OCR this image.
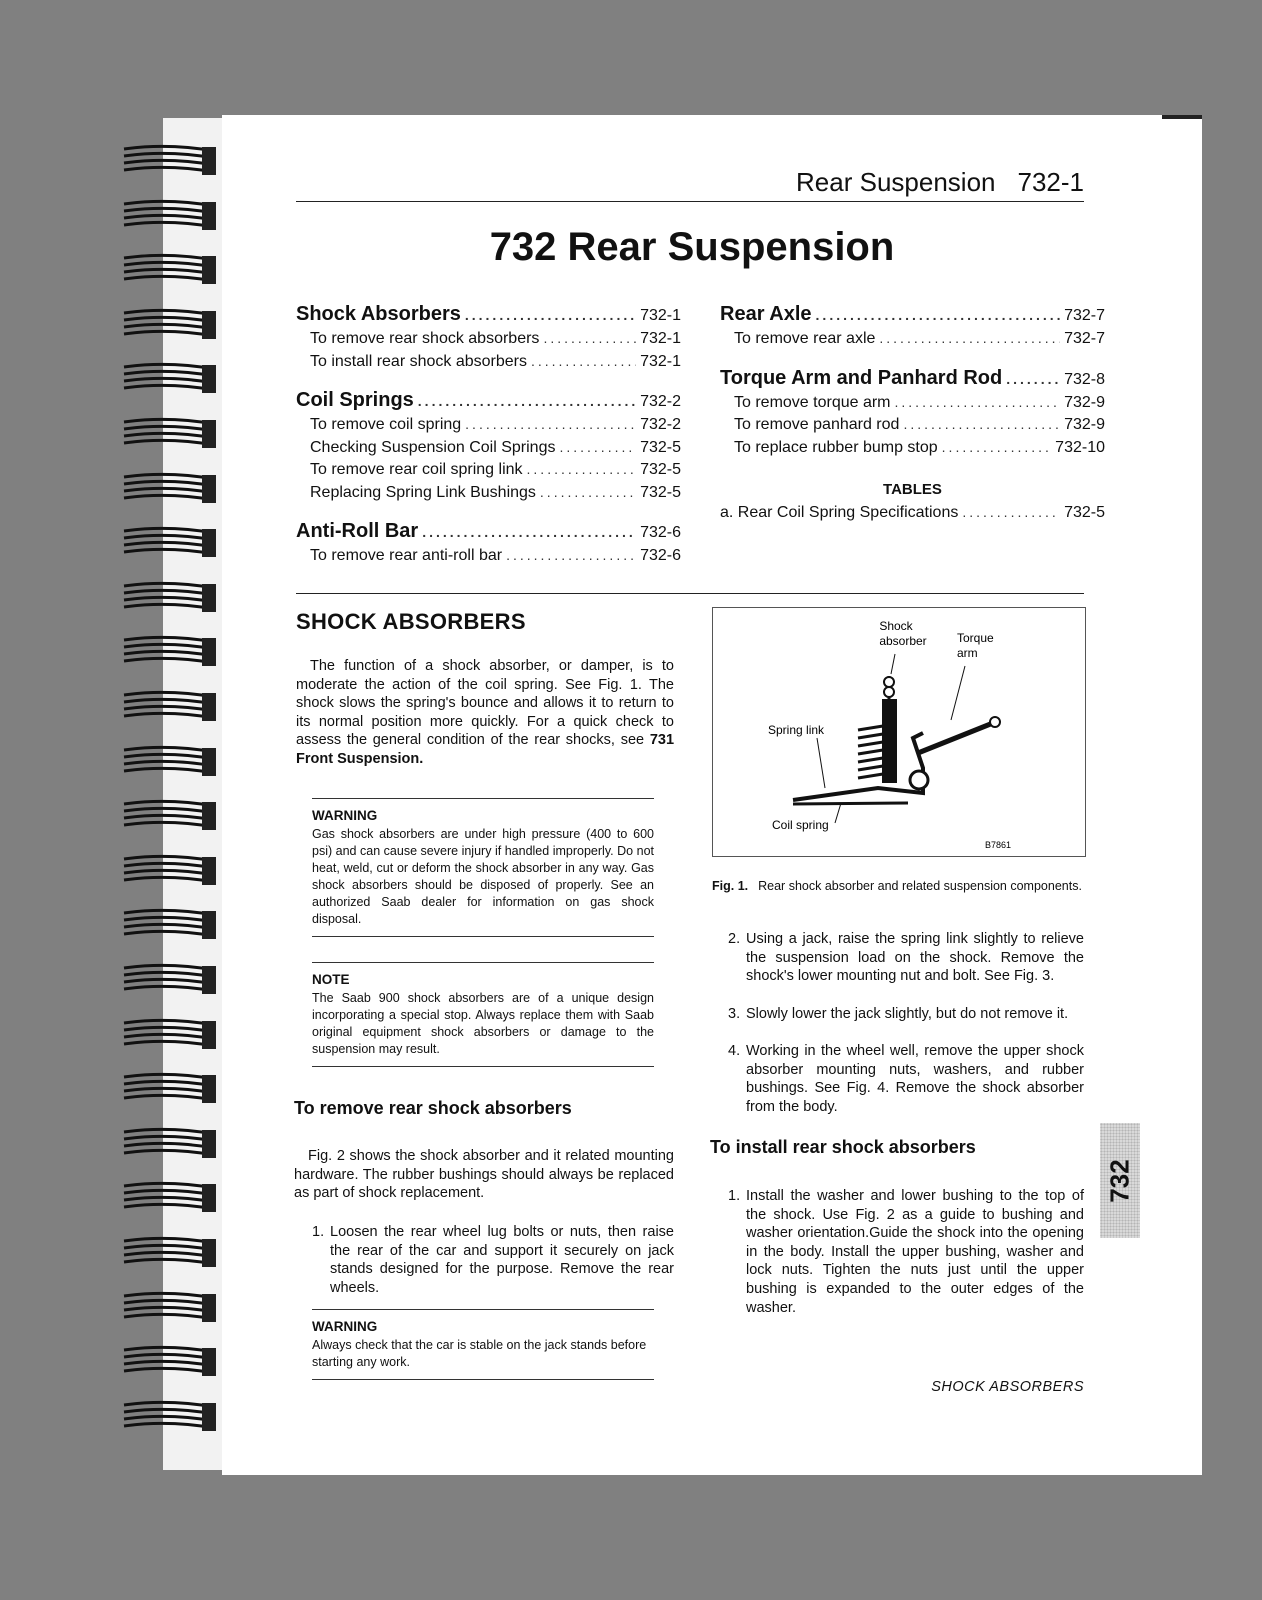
Rear Suspension 732-1
732 Rear Suspension
Shock Absorbers .....	732-1
To remove rear shock absorbers .....	732-1
To install rear shock absorbers .....	732-1
Coil Springs .....	732-2
To remove coil spring .....	732-2
Checking Suspension Coil Springs .....	732-5
To remove rear coil spring link .....	732-5
Replacing Spring Link Bushings .....	732-5
Anti-Roll Bar .....	732-6
To remove rear anti-roll bar .....	732-6
Rear Axle .....	732-7
To remove rear axle .....	732-7
Torque Arm and Panhard Rod .....	732-8
To remove torque arm .....	732-9
To remove panhard rod .....	732-9
To replace rubber bump stop .....	732-10
TABLES
a. Rear Coil Spring Specifications .....	732-5
SHOCK ABSORBERS
The function of a shock absorber, or damper, is to moderate the action of the coil spring. See Fig. 1. The shock slows the spring's bounce and allows it to return to its normal position more quickly. For a quick check to assess the general condition of the rear shocks, see 731 Front Suspension.
WARNING
Gas shock absorbers are under high pressure (400 to 600 psi) and can cause severe injury if handled improperly. Do not heat, weld, cut or deform the shock absorber in any way. Gas shock absorbers should be disposed of properly. See an authorized Saab dealer for information on gas shock disposal.
NOTE
The Saab 900 shock absorbers are of a unique design incorporating a special stop. Always replace them with Saab original equipment shock absorbers or damage to the suspension may result.
To remove rear shock absorbers
Fig. 2 shows the shock absorber and it related mounting hardware. The rubber bushings should always be replaced as part of shock replacement.
1. Loosen the rear wheel lug bolts or nuts, then raise the rear of the car and support it securely on jack stands designed for the purpose. Remove the rear wheels.
WARNING
Always check that the car is stable on the jack stands before starting any work.
Shock absorber	Torque arm
Spring link
Coil spring
B7861
Fig. 1. Rear shock absorber and related suspension components.
2. Using a jack, raise the spring link slightly to relieve the suspension load on the shock. Remove the shock's lower mounting nut and bolt. See Fig. 3.
3. Slowly lower the jack slightly, but do not remove it.
4. Working in the wheel well, remove the upper shock absorber mounting nuts, washers, and rubber bushings. See Fig. 4. Remove the shock absorber from the body.
To install rear shock absorbers
1. Install the washer and lower bushing to the top of the shock. Use Fig. 2 as a guide to bushing and washer orientation.Guide the shock into the opening in the body. Install the upper bushing, washer and lock nuts. Tighten the nuts just until the upper bushing is expanded to the outer edges of the washer.
732
SHOCK ABSORBERS
